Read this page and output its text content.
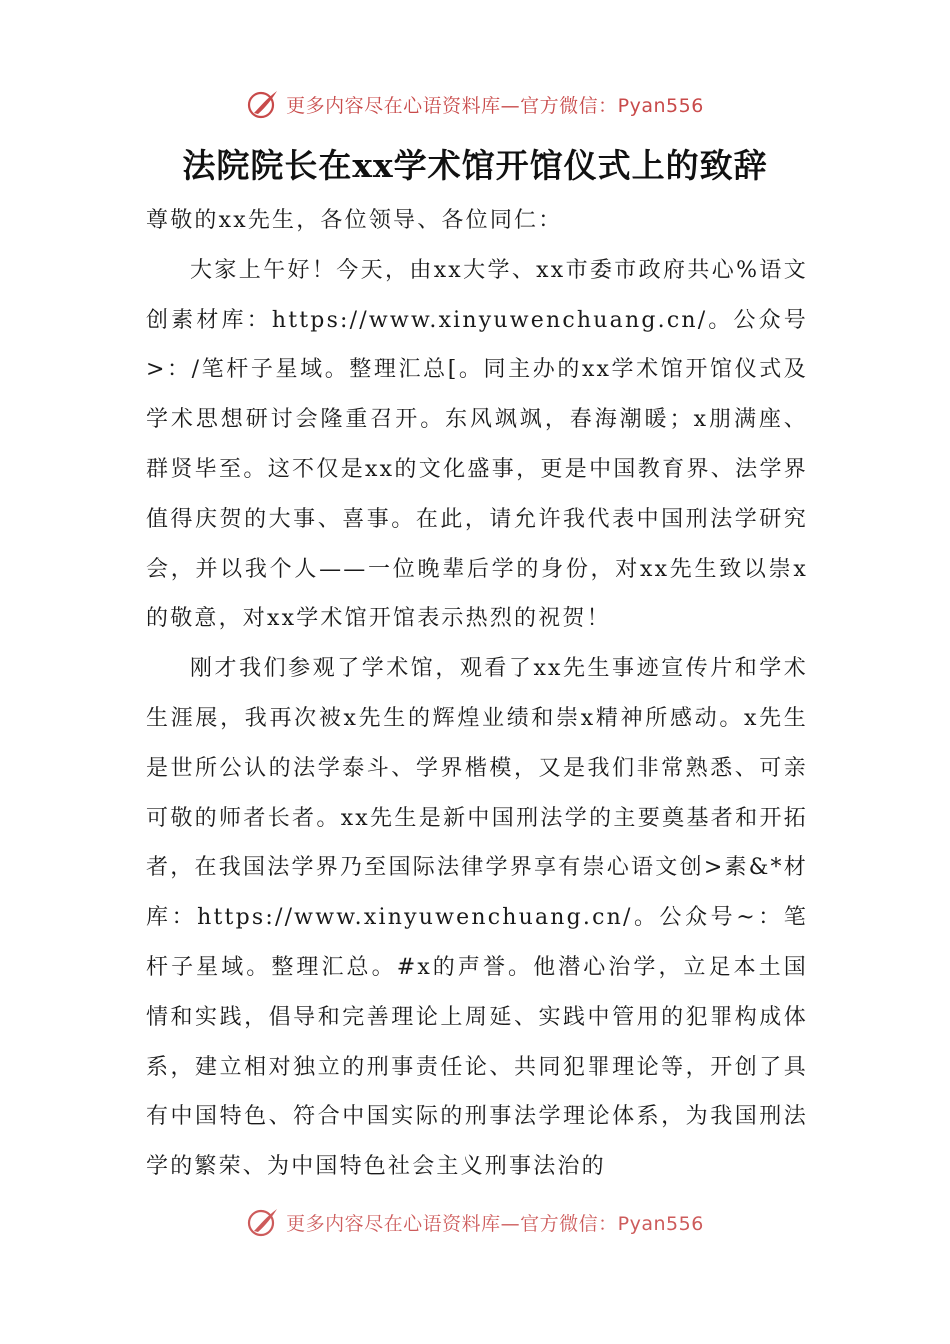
更多内容尽在心语资料库—官方微信：Pyan556
法院院长在xx学术馆开馆仪式上的致辞

尊敬的xx先生，各位领导、各位同仁：

大家上午好！今天，由xx大学、xx市委市政府共心%语文创素材库：https://www.xinyuwenchuang.cn/。公众号>：/笔杆子星域。整理汇总[。同主办的xx学术馆开馆仪式及学术思想研讨会隆重召开。东风飒飒，春海潮暖；x朋满座、群贤毕至。这不仅是xx的文化盛事，更是中国教育界、法学界值得庆贺的大事、喜事。在此，请允许我代表中国刑法学研究会，并以我个人——一位晚辈后学的身份，对xx先生致以崇x的敬意，对xx学术馆开馆表示热烈的祝贺！

刚才我们参观了学术馆，观看了xx先生事迹宣传片和学术生涯展，我再次被x先生的辉煌业绩和崇x精神所感动。x先生是世所公认的法学泰斗、学界楷模，又是我们非常熟悉、可亲可敬的师者长者。xx先生是新中国刑法学的主要奠基者和开拓者，在我国法学界乃至国际法律学界享有崇心语文创>素&*材库：https://www.xinyuwenchuang.cn/。公众号~：笔杆子星域。整理汇总。#x的声誉。他潜心治学，立足本土国情和实践，倡导和完善理论上周延、实践中管用的犯罪构成体系，建立相对独立的刑事责任论、共同犯罪理论等，开创了具有中国特色、符合中国实际的刑事法学理论体系，为我国刑法学的繁荣、为中国特色社会主义刑事法治的

更多内容尽在心语资料库—官方微信：Pyan556
